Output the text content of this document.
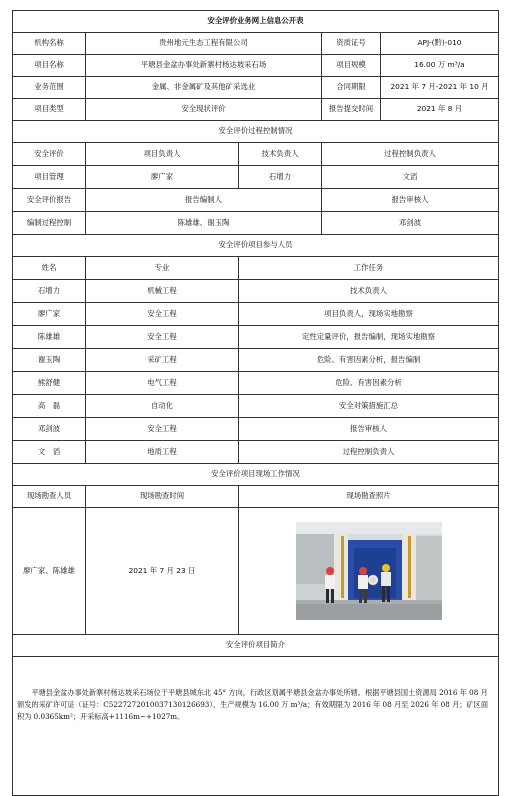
安全评价业务网上信息公开表				
机构名称	贵州地元生态工程有限公司		资质证号	APJ-(黔)-010
项目名称	平塘县金盆办事处新寨村杨达坡采石场		项目规模	16.00 万 m³/a
业务范围	金属、非金属矿及其他矿采选业		合同期限	2021 年 7 月-2021 年 10 月
项目类型	安全现状评价		报告提交时间	2021 年 8 月
安全评价过程控制情况				
安全评价	项目负责人	技术负责人	过程控制负责人	
项目管理	廖广家	石增力	文滔	
安全评价报告	报告编制人		报告审核人	
编制过程控制	陈雄雄、谢玉陶		邓剑波	
安全评价项目参与人员				
姓名	专业	工作任务		
石增力	机械工程	技术负责人		
廖广家	安全工程	项目负责人，现场实地勘察		
陈雄雄	安全工程	定性定量评价，报告编制，现场实地勘察		
谢玉陶	采矿工程	危险、有害因素分析，报告编制		
熊舒健	电气工程	危险、有害因素分析		
高　磊	自动化	安全对策措施汇总		
邓剑波	安全工程	报告审核人		
文　滔	地质工程	过程控制负责人		
安全评价项目现场工作情况				
现场勘查人员	现场勘查时间	现场勘查照片		
廖广家、陈雄雄	2021 年 7 月 23 日	

安全评价项目简介				

平塘县金盆办事处新寨村杨达坡采石场位于平塘县城东北 45° 方向，行政区划属平塘县金盆办事处所辖。根据平塘县国土资源局 2016 年 08 月颁发的采矿许可证（证号：C5227272010037130126693），生产规模为 16.00 万 m³/a；有效期限为 2016 年 08 月至 2026 年 08 月；矿区面积为 0.0365km²；开采标高+1116m~+1027m。				
